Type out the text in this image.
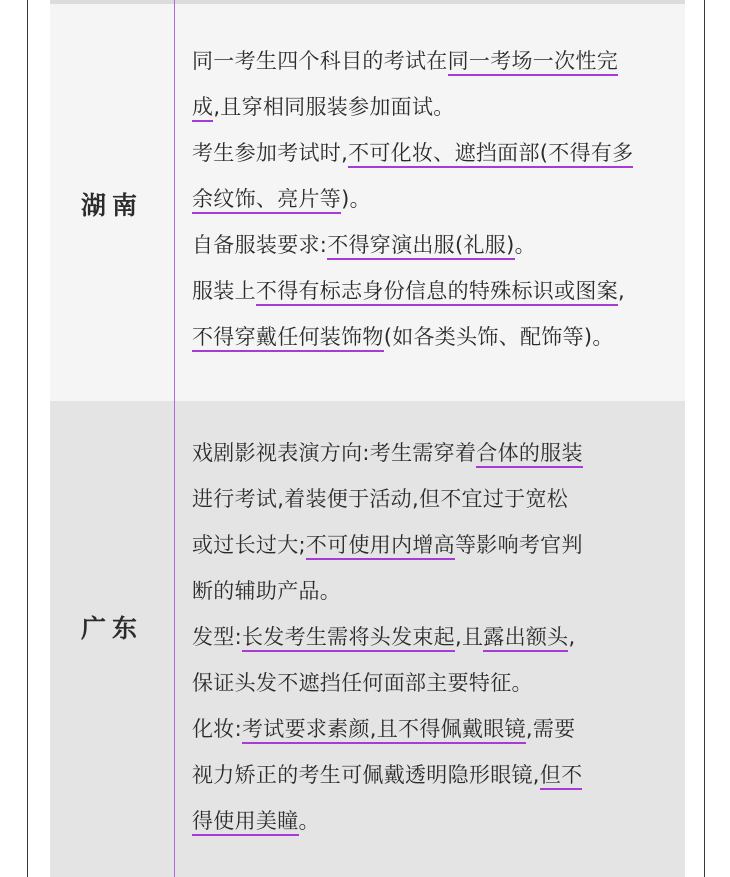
湖南
同一考生四个科目的考试在同一考场一次性完
成,且穿相同服装参加面试。
考生参加考试时,不可化妆、遮挡面部(不得有多
余纹饰、亮片等)。
自备服装要求:不得穿演出服(礼服)。
服装上不得有标志身份信息的特殊标识或图案,
不得穿戴任何装饰物(如各类头饰、配饰等)。
广东
戏剧影视表演方向:考生需穿着合体的服装
进行考试,着装便于活动,但不宜过于宽松
或过长过大;不可使用内增高等影响考官判
断的辅助产品。
发型:长发考生需将头发束起,且露出额头,
保证头发不遮挡任何面部主要特征。
化妆:考试要求素颜,且不得佩戴眼镜,需要
视力矫正的考生可佩戴透明隐形眼镜,但不
得使用美瞳。
